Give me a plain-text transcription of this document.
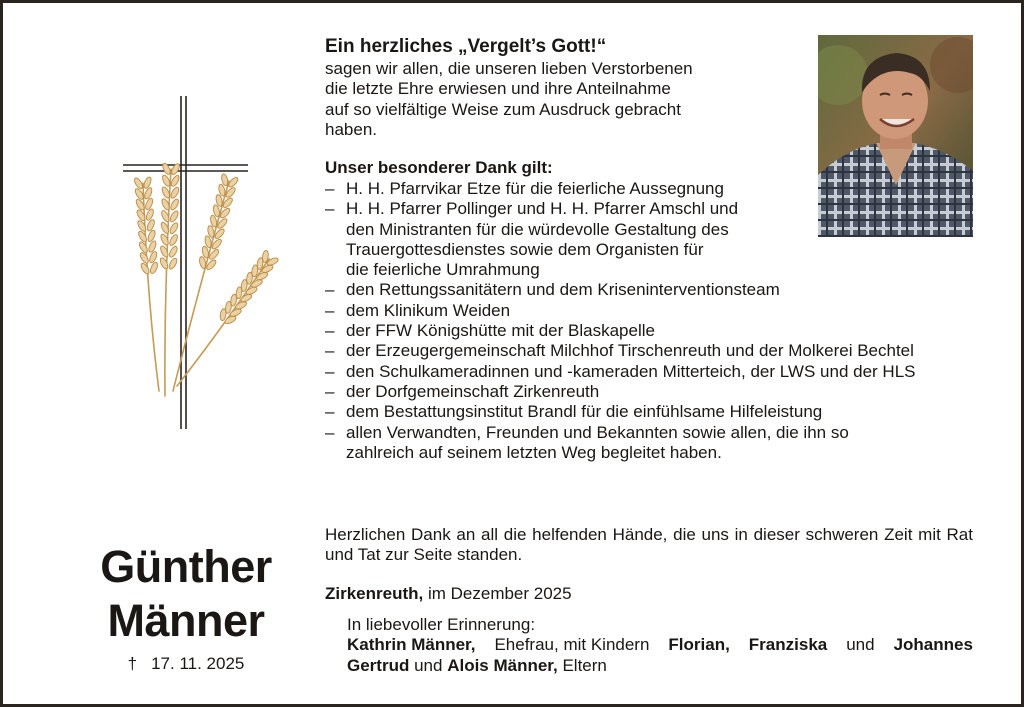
Günther
Männer
† 17. 11. 2025
Ein herzliches „Vergelt’s Gott!“
sagen wir allen, die unseren lieben Verstorbenen
die letzte Ehre erwiesen und ihre Anteilnahme
auf so vielfältige Weise zum Ausdruck gebracht
haben.
Unser besonderer Dank gilt:
– H. H. Pfarrvikar Etze für die feierliche Aussegnung
– H. H. Pfarrer Pollinger und H. H. Pfarrer Amschl und
den Ministranten für die würdevolle Gestaltung des
Trauergottesdienstes sowie dem Organisten für
die feierliche Umrahmung
– den Rettungssanitätern und dem Kriseninterventionsteam
– dem Klinikum Weiden
– der FFW Königshütte mit der Blaskapelle
– der Erzeugergemeinschaft Milchhof Tirschenreuth und der Molkerei Bechtel
– den Schulkameradinnen und -kameraden Mitterteich, der LWS und der HLS
– der Dorfgemeinschaft Zirkenreuth
– dem Bestattungsinstitut Brandl für die einfühlsame Hilfeleistung
– allen Verwandten, Freunden und Bekannten sowie allen, die ihn so
zahlreich auf seinem letzten Weg begleitet haben.
Herzlichen Dank an all die helfenden Hände, die uns in dieser schweren Zeit mit Rat und Tat zur Seite standen.
Zirkenreuth, im Dezember 2025
In liebevoller Erinnerung:
Kathrin Männer, Ehefrau, mit Kindern Florian, Franziska und Johannes
Gertrud und Alois Männer, Eltern
